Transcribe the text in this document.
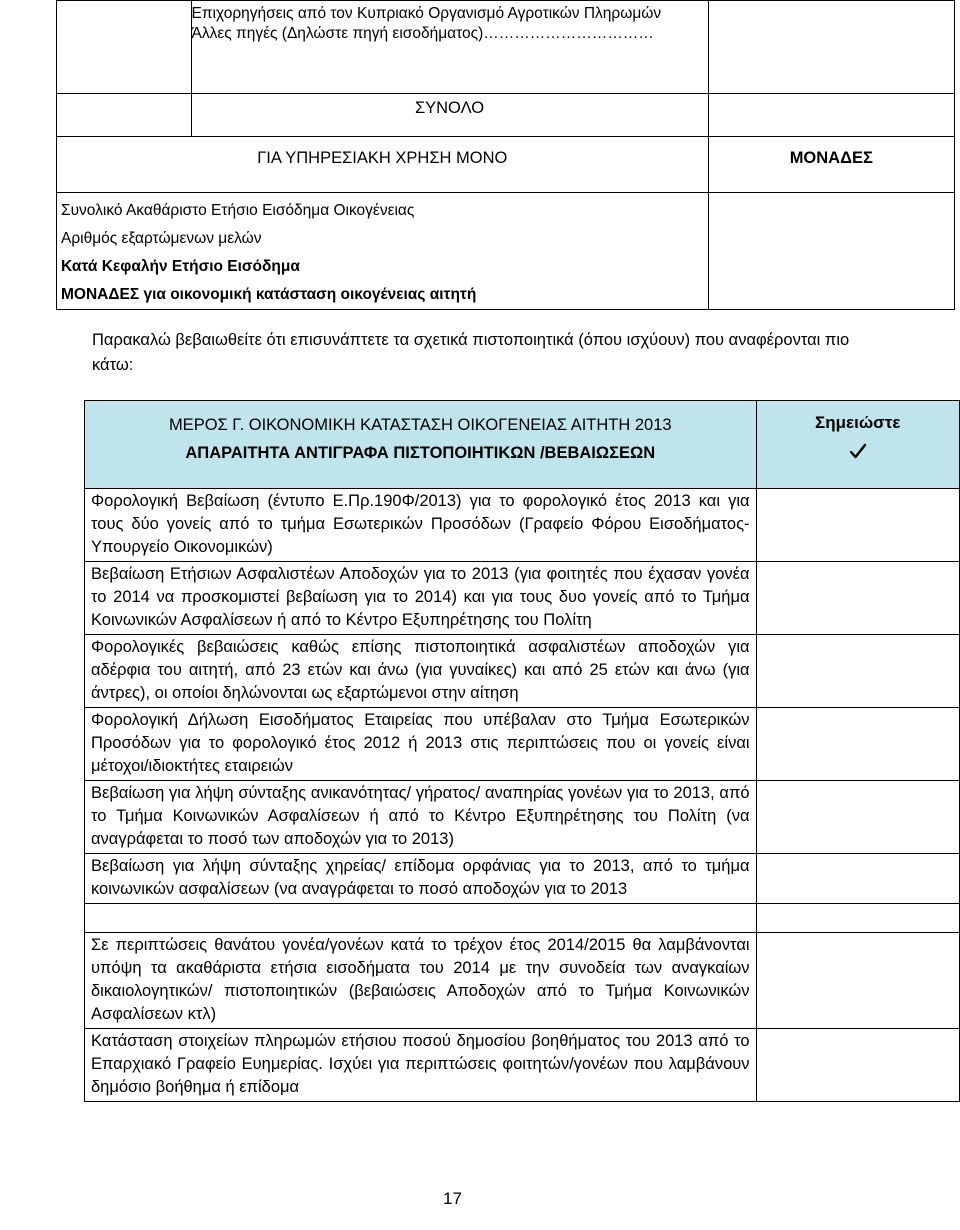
	Επιχορηγήσεις από τον Κυπριακό Οργανισμό Αγροτικών Πληρωμών
Άλλες πηγές (Δηλώστε πηγή εισοδήματος)……………………………	

	ΣΥΝΟΛΟ	
ΓΙΑ ΥΠΗΡΕΣΙΑΚΗ ΧΡΗΣΗ ΜΟΝΟ		ΜΟΝΑΔΕΣ

Συνολικό Ακαθάριστο Ετήσιο Εισόδημα Οικογένειας
Αριθμός εξαρτώμενων μελών
Κατά Κεφαλήν Ετήσιο Εισόδημα
ΜΟΝΑΔΕΣ για οικονομική κατάσταση οικογένειας αιτητή		

Παρακαλώ βεβαιωθείτε ότι επισυνάπτετε τα σχετικά πιστοποιητικά (όπου ισχύουν) που αναφέρονται πιο κάτω:
ΜΕΡΟΣ Γ. ΟΙΚΟΝΟΜΙΚΗ ΚΑΤΑΣΤΑΣΗ ΟΙΚΟΓΕΝΕΙΑΣ ΑΙΤΗΤΗ 2013
ΑΠΑΡΑΙΤΗΤΑ ΑΝΤΙΓΡΑΦΑ ΠΙΣΤΟΠΟΙΗΤΙΚΩΝ /ΒΕΒΑΙΩΣΕΩΝ	Σημειώστε

Φορολογική Βεβαίωση (έντυπο Ε.Πρ.190Φ/2013) για το φορολογικό έτος 2013 και για τους δύο γονείς από το τμήμα Εσωτερικών Προσόδων (Γραφείο Φόρου Εισοδήματος- Υπουργείο Οικονομικών)	
Βεβαίωση Ετήσιων Ασφαλιστέων Αποδοχών για το 2013 (για φοιτητές που έχασαν γονέα το 2014 να προσκομιστεί βεβαίωση για το 2014) και για τους δυο γονείς από το Τμήμα Κοινωνικών Ασφαλίσεων ή από το Κέντρο Εξυπηρέτησης του Πολίτη	
Φορολογικές βεβαιώσεις καθώς επίσης πιστοποιητικά ασφαλιστέων αποδοχών για αδέρφια του αιτητή, από 23 ετών και άνω (για γυναίκες) και από 25 ετών και άνω (για άντρες), οι οποίοι δηλώνονται ως εξαρτώμενοι στην αίτηση	
Φορολογική Δήλωση Εισοδήματος Εταιρείας που υπέβαλαν στο Τμήμα Εσωτερικών Προσόδων για το φορολογικό έτος 2012 ή 2013 στις περιπτώσεις που οι γονείς είναι μέτοχοι/ιδιοκτήτες εταιρειών	
Βεβαίωση για λήψη σύνταξης ανικανότητας/ γήρατος/ αναπηρίας γονέων για το 2013, από το Τμήμα Κοινωνικών Ασφαλίσεων ή από το Κέντρο Εξυπηρέτησης του Πολίτη (να αναγράφεται το ποσό των αποδοχών για το 2013)	
Βεβαίωση για λήψη σύνταξης χηρείας/ επίδομα ορφάνιας για το 2013, από το τμήμα κοινωνικών ασφαλίσεων (να αναγράφεται το ποσό αποδοχών για το 2013	

Σε περιπτώσεις θανάτου γονέα/γονέων κατά το τρέχον έτος 2014/2015 θα λαμβάνονται υπόψη τα ακαθάριστα ετήσια εισοδήματα του 2014 με την συνοδεία των αναγκαίων δικαιολογητικών/ πιστοποιητικών (βεβαιώσεις Αποδοχών από το Τμήμα Κοινωνικών Ασφαλίσεων κτλ)	
Κατάσταση στοιχείων πληρωμών ετήσιου ποσού δημοσίου βοηθήματος του 2013 από το Επαρχιακό Γραφείο Ευημερίας. Ισχύει για περιπτώσεις φοιτητών/γονέων που λαμβάνουν δημόσιο βοήθημα ή επίδομα	
17
